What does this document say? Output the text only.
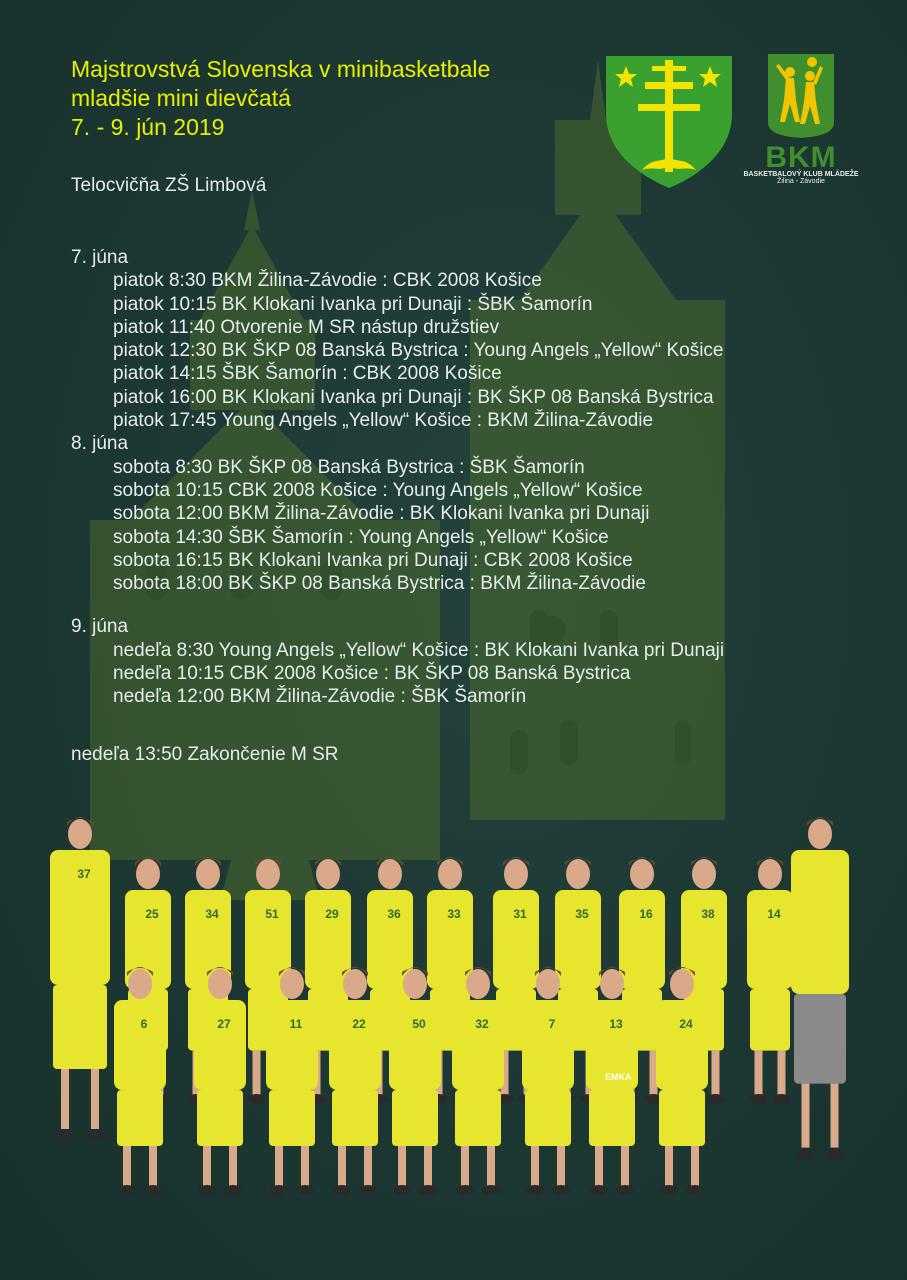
Majstrovstvá Slovenska v minibasketbale
mladšie mini dievčatá
7. - 9. jún 2019
Telocvičňa ZŠ Limbová
BKM
BASKETBALOVÝ KLUB MLÁDEŽE
Žilina - Závodie
7. júna
piatok 8:30 BKM Žilina-Závodie : CBK 2008 Košice
piatok 10:15 BK Klokani Ivanka pri Dunaji : ŠBK Šamorín
piatok 11:40 Otvorenie M SR nástup družstiev
piatok 12:30 BK ŠKP 08 Banská Bystrica : Young Angels „Yellow“ Košice
piatok 14:15 ŠBK Šamorín : CBK 2008 Košice
piatok 16:00 BK Klokani Ivanka pri Dunaji : BK ŠKP 08 Banská Bystrica
piatok 17:45 Young Angels „Yellow“ Košice : BKM Žilina-Závodie
8. júna
sobota 8:30 BK ŠKP 08 Banská Bystrica : ŠBK Šamorín
sobota 10:15 CBK 2008 Košice : Young Angels „Yellow“ Košice
sobota 12:00 BKM Žilina-Závodie : BK Klokani Ivanka pri Dunaji
sobota 14:30 ŠBK Šamorín : Young Angels „Yellow“ Košice
sobota 16:15 BK Klokani Ivanka pri Dunaji : CBK 2008 Košice
sobota 18:00 BK ŠKP 08 Banská Bystrica : BKM Žilina-Závodie
9. júna
nedeľa 8:30 Young Angels „Yellow“ Košice : BK Klokani Ivanka pri Dunaji
nedeľa 10:15 CBK 2008 Košice : BK ŠKP 08 Banská Bystrica
nedeľa 12:00 BKM Žilina-Závodie : ŠBK Šamorín
nedeľa 13:50 Zakončenie M SR
37
25	34	51	29	36	33	31	35	16	38	14
6	27	11	22	50	32	7	13	24
EMKA
